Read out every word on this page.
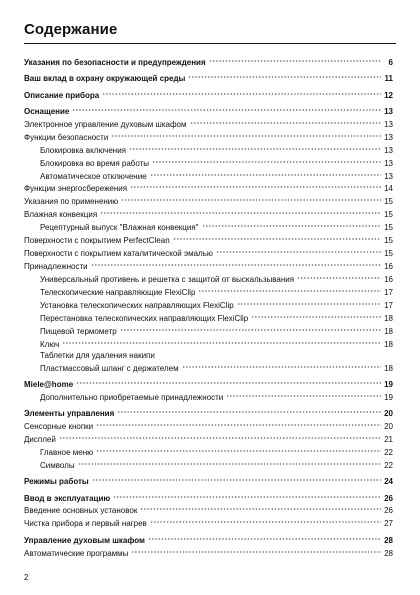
Содержание
Указания по безопасности и предупреждения	6
Ваш вклад в охрану окружающей среды	11
Описание прибора	12
Оснащение	13
Электронное управление духовым шкафом	13
Функции безопасности	13
Блокировка включения	13
Блокировка во время работы	13
Автоматическое отключение	13
Функции энергосбережения	14
Указания по применению	15
Влажная конвекция	15
Рецептурный выпуск "Влажная конвекция"	15
Поверхности с покрытием PerfectClean	15
Поверхности с покрытием каталитической эмалью	15
Принадлежности	16
Универсальный противень и решетка с защитой от выскальзывания	16
Телескопические направляющие FlexiClip	17
Установка телескопических направляющих FlexiClip	17
Перестановка телескопических направляющих FlexiClip	18
Пищевой термометр	18
Ключ	18
Таблетки для удаления накипи
Пластмассовый шланг с держателем	18
Miele@home	19
Дополнительно приобретаемые принадлежности	19
Элементы управления	20
Сенсорные кнопки	20
Дисплей	21
Главное меню	22
Символы	22
Режимы работы	24
Ввод в эксплуатацию	26
Введение основных установок	26
Чистка прибора и первый нагрев	27
Управление духовым шкафом	28
Автоматические программы	28
2
